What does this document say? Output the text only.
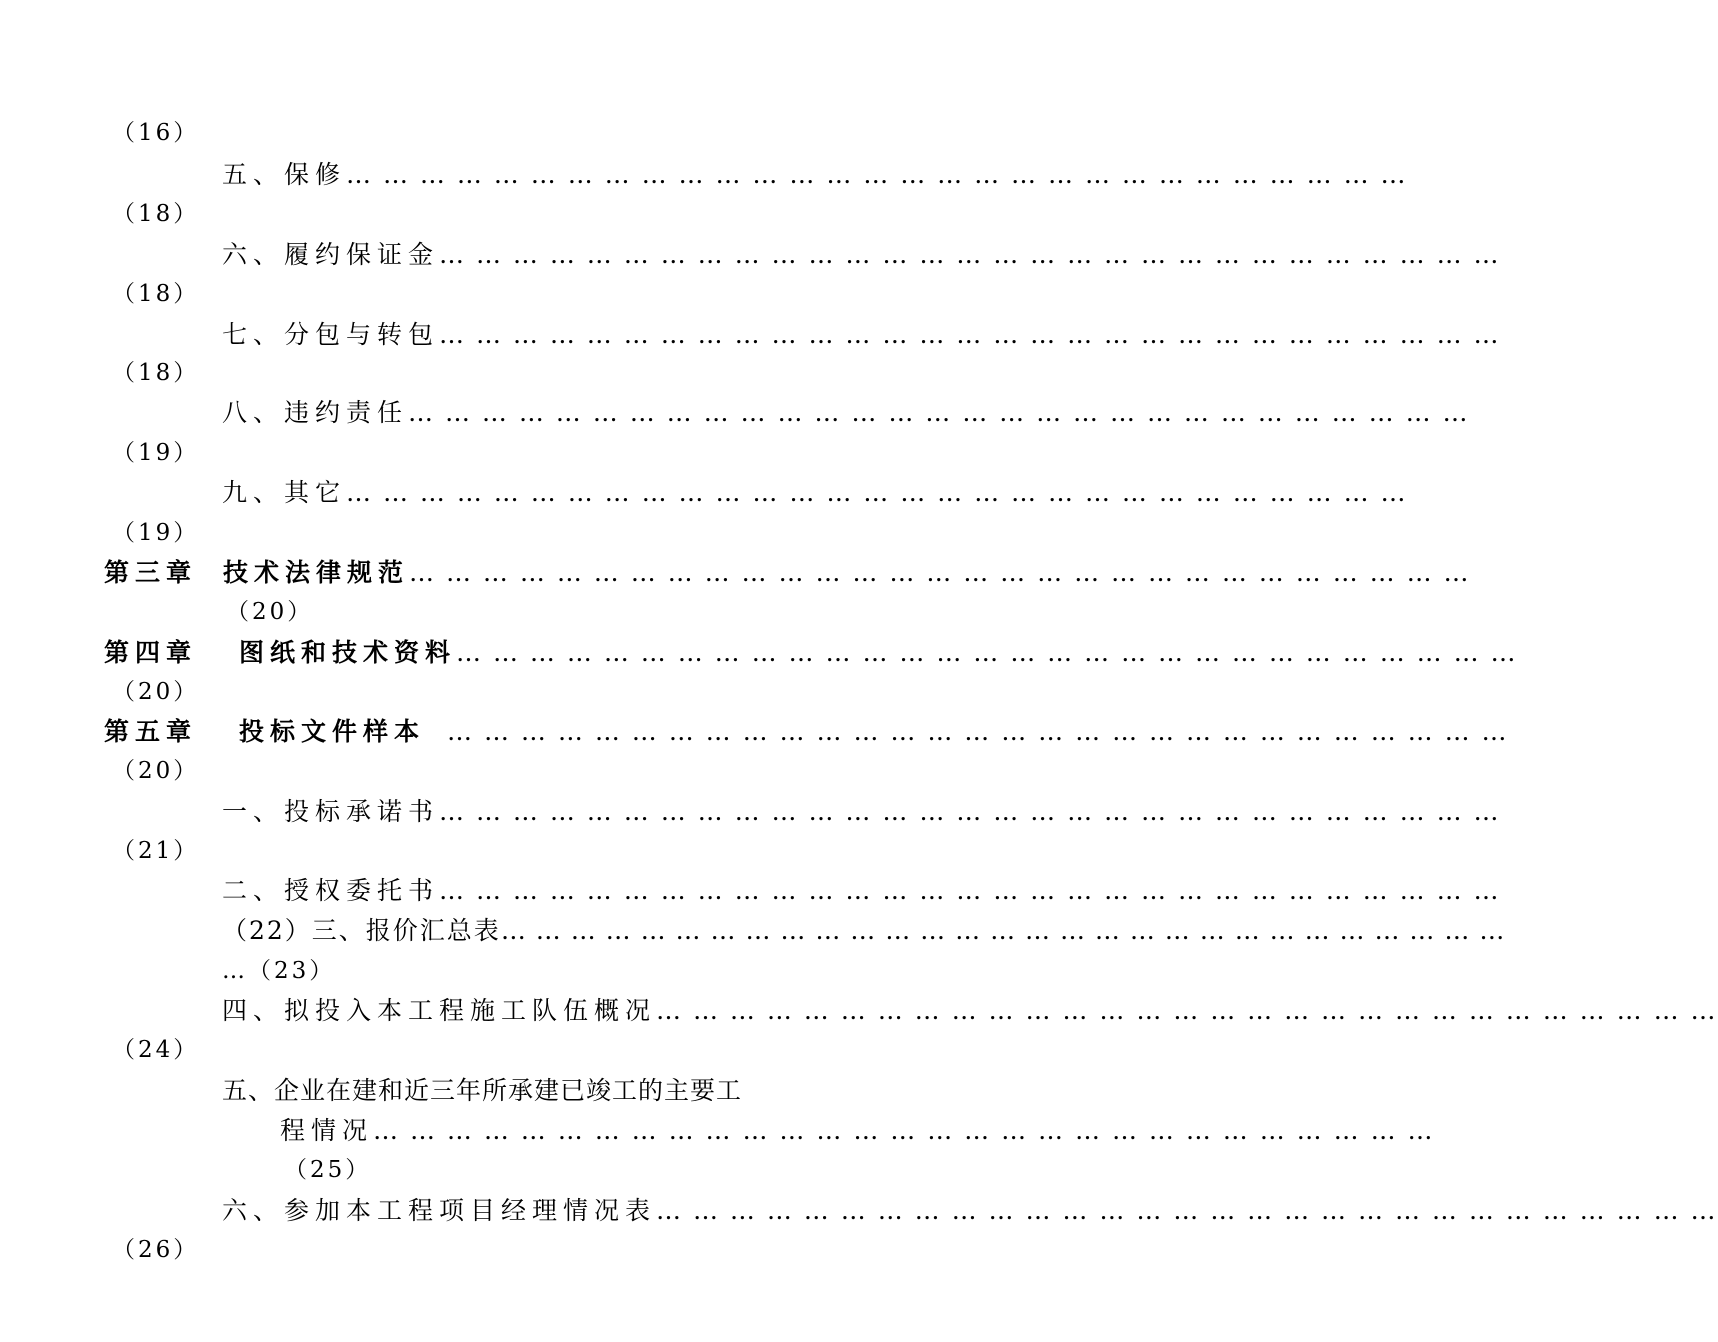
（16）
五、保修… … … … … … … … … … … … … … … … … … … … … … … … … … … … …
（18）
六、履约保证金… … … … … … … … … … … … … … … … … … … … … … … … … … … … …
（18）
七、分包与转包… … … … … … … … … … … … … … … … … … … … … … … … … … … … …
（18）
八、违约责任… … … … … … … … … … … … … … … … … … … … … … … … … … … … …
（19）
九、其它… … … … … … … … … … … … … … … … … … … … … … … … … … … … …
（19）
第三章 技术法律规范… … … … … … … … … … … … … … … … … … … … … … … … … … … … …
（20）
第四章 图纸和技术资料… … … … … … … … … … … … … … … … … … … … … … … … … … … … …
（20）
第五章 投标文件样本 … … … … … … … … … … … … … … … … … … … … … … … … … … … … …
（20）
一、投标承诺书… … … … … … … … … … … … … … … … … … … … … … … … … … … … …
（21）
二、授权委托书… … … … … … … … … … … … … … … … … … … … … … … … … … … … …
（22）三、报价汇总表… … … … … … … … … … … … … … … … … … … … … … … … … … … … …
…（23）
四、拟投入本工程施工队伍概况… … … … … … … … … … … … … … … … … … … … … … … … … … … … …
（24）
五、企业在建和近三年所承建已竣工的主要工
程情况… … … … … … … … … … … … … … … … … … … … … … … … … … … … …
（25）
六、参加本工程项目经理情况表… … … … … … … … … … … … … … … … … … … … … … … … … … … … …
（26）
